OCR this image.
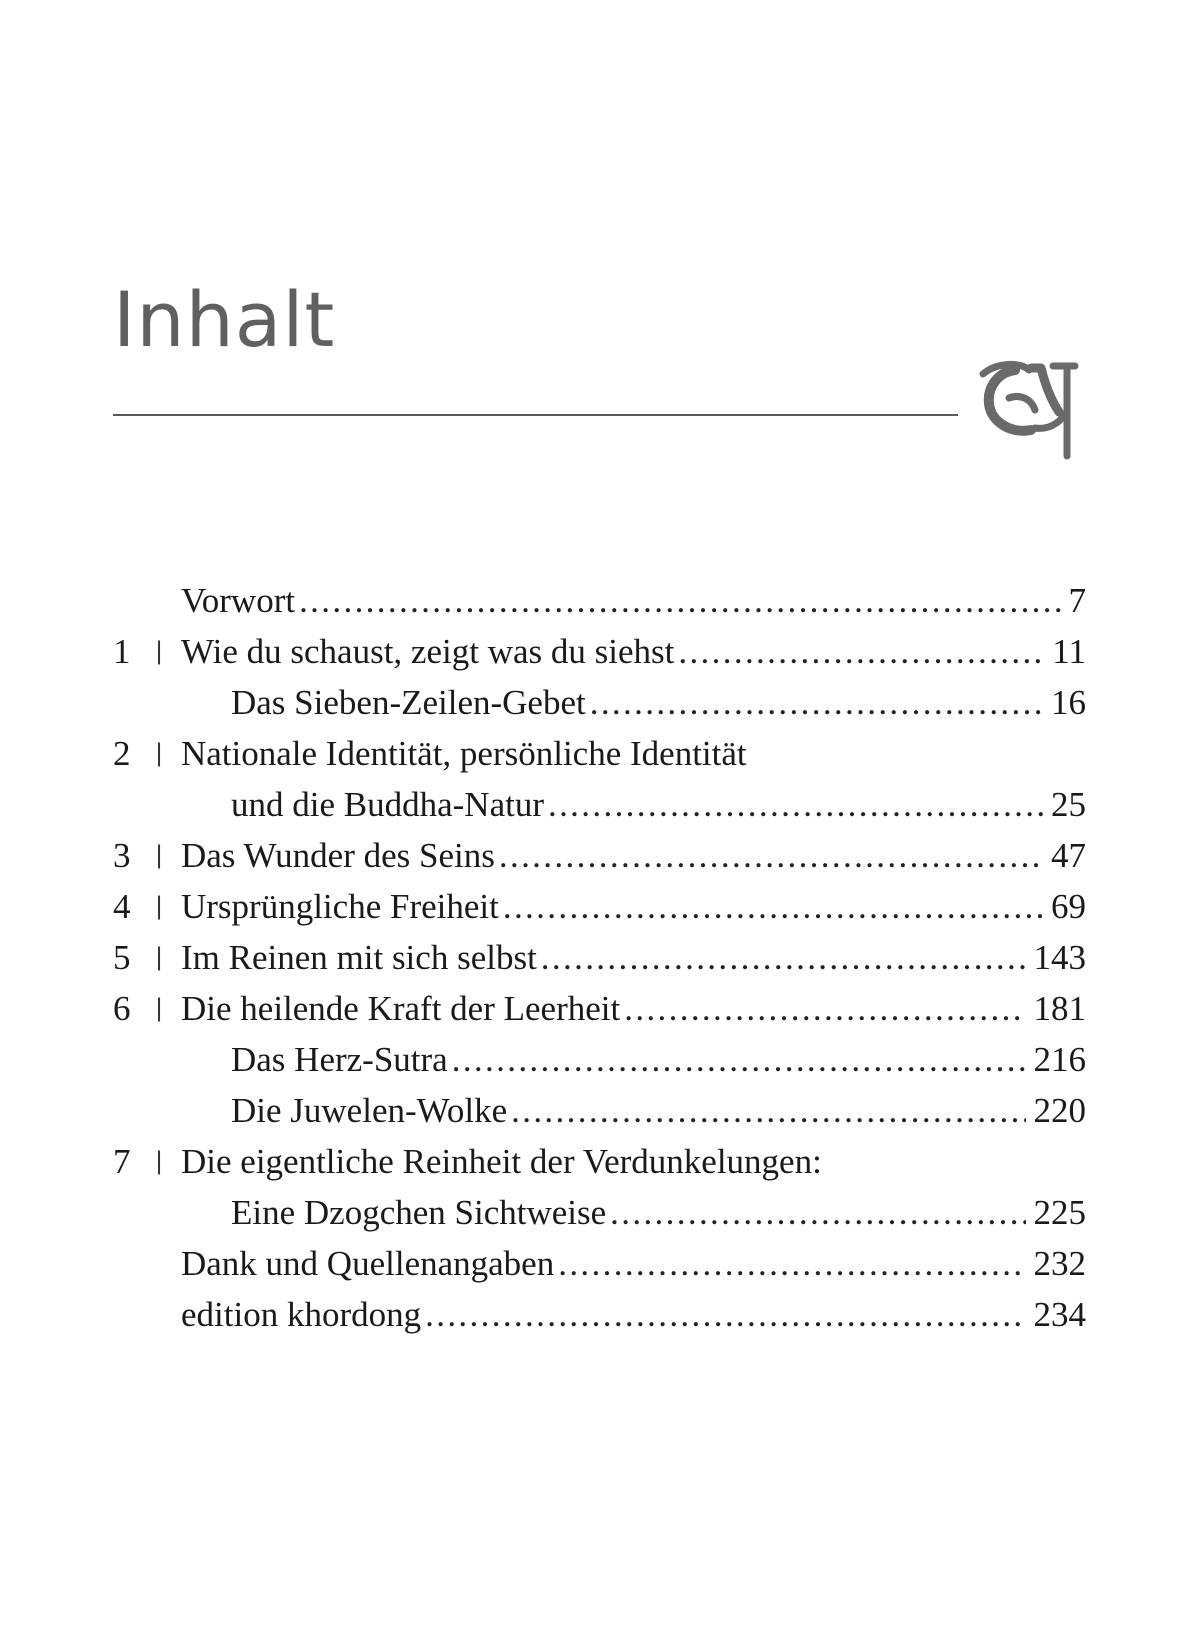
Inhalt
Vorwort . . .	7
1	| Wie du schaust, zeigt was du siehst . . .	11
Das Sieben-Zeilen-Gebet . . .	16
2	| Nationale Identität, persönliche Identität
und die Buddha-Natur . . .	25
3	| Das Wunder des Seins . . .	47
4	| Ursprüngliche Freiheit . . .	69
5	| Im Reinen mit sich selbst . . .	143
6	| Die heilende Kraft der Leerheit . . .	181
Das Herz-Sutra . . .	216
Die Juwelen-Wolke . . .	220
7	| Die eigentliche Reinheit der Verdunkelungen:
Eine Dzogchen Sichtweise . . .	225
Dank und Quellenangaben . . .	232
edition khordong . . .	234
